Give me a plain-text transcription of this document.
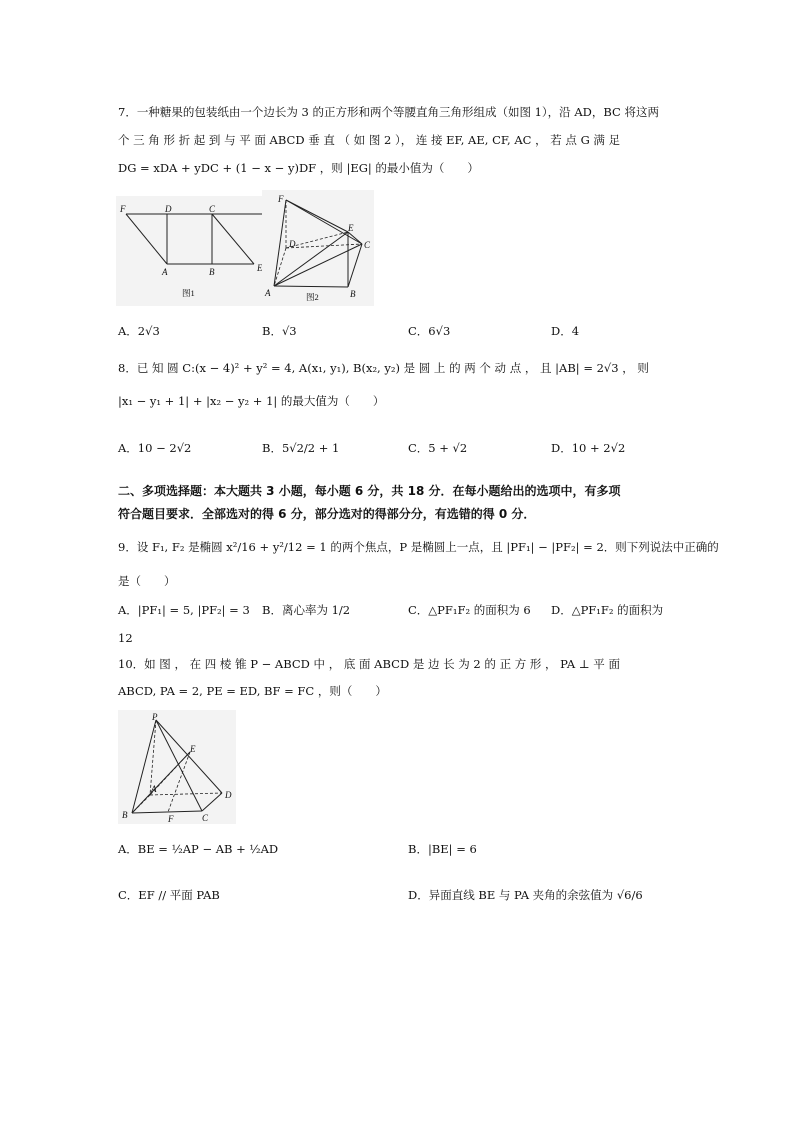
7．一种糖果的包装纸由一个边长为 3 的正方形和两个等腰直角三角形组成（如图 1），沿 AD，BC 将这两
个 三 角 形 折 起 到 与 平 面 ABCD 垂 直 （ 如 图 2 ）， 连 接 EF, AE, CF, AC ， 若 点 G 满 足
DG = xDA + yDC + (1 − x − y)DF ，则 |EG| 的最小值为（　　）
F	D	C
A	B	E
图1
F
D
E
C
A	B
图2
A．2√3	B．√3	C．6√3	D．4
8．已 知 圆 C:(x − 4)² + y² = 4, A(x₁, y₁), B(x₂, y₂) 是 圆 上 的 两 个 动 点 ， 且 |AB| = 2√3 ， 则
|x₁ − y₁ + 1| + |x₂ − y₂ + 1| 的最大值为（　　）
A．10 − 2√2	B．5√2/2 + 1	C．5 + √2	D．10 + 2√2
二、多项选择题：本大题共 3 小题，每小题 6 分，共 18 分．在每小题给出的选项中，有多项
符合题目要求．全部选对的得 6 分，部分选对的得部分分，有选错的得 0 分．
9．设 F₁, F₂ 是椭圆 x²/16 + y²/12 = 1 的两个焦点，P 是椭圆上一点，且 |PF₁| − |PF₂| = 2．则下列说法中正确的
是（　　）
A．|PF₁| = 5, |PF₂| = 3 B．离心率为 1/2	C．△PF₁F₂ 的面积为 6 D．△PF₁F₂ 的面积为
12
10．如 图 ， 在 四 棱 锥 P − ABCD 中 ， 底 面 ABCD 是 边 长 为 2 的 正 方 形 ， PA ⊥ 平 面
ABCD, PA = 2, PE = ED, BF = FC ，则（　　）
P
E
A
D
B	F	C
A．BE = ½AP − AB + ½AD	B．|BE| = 6
C．EF // 平面 PAB	D．异面直线 BE 与 PA 夹角的余弦值为 √6/6
